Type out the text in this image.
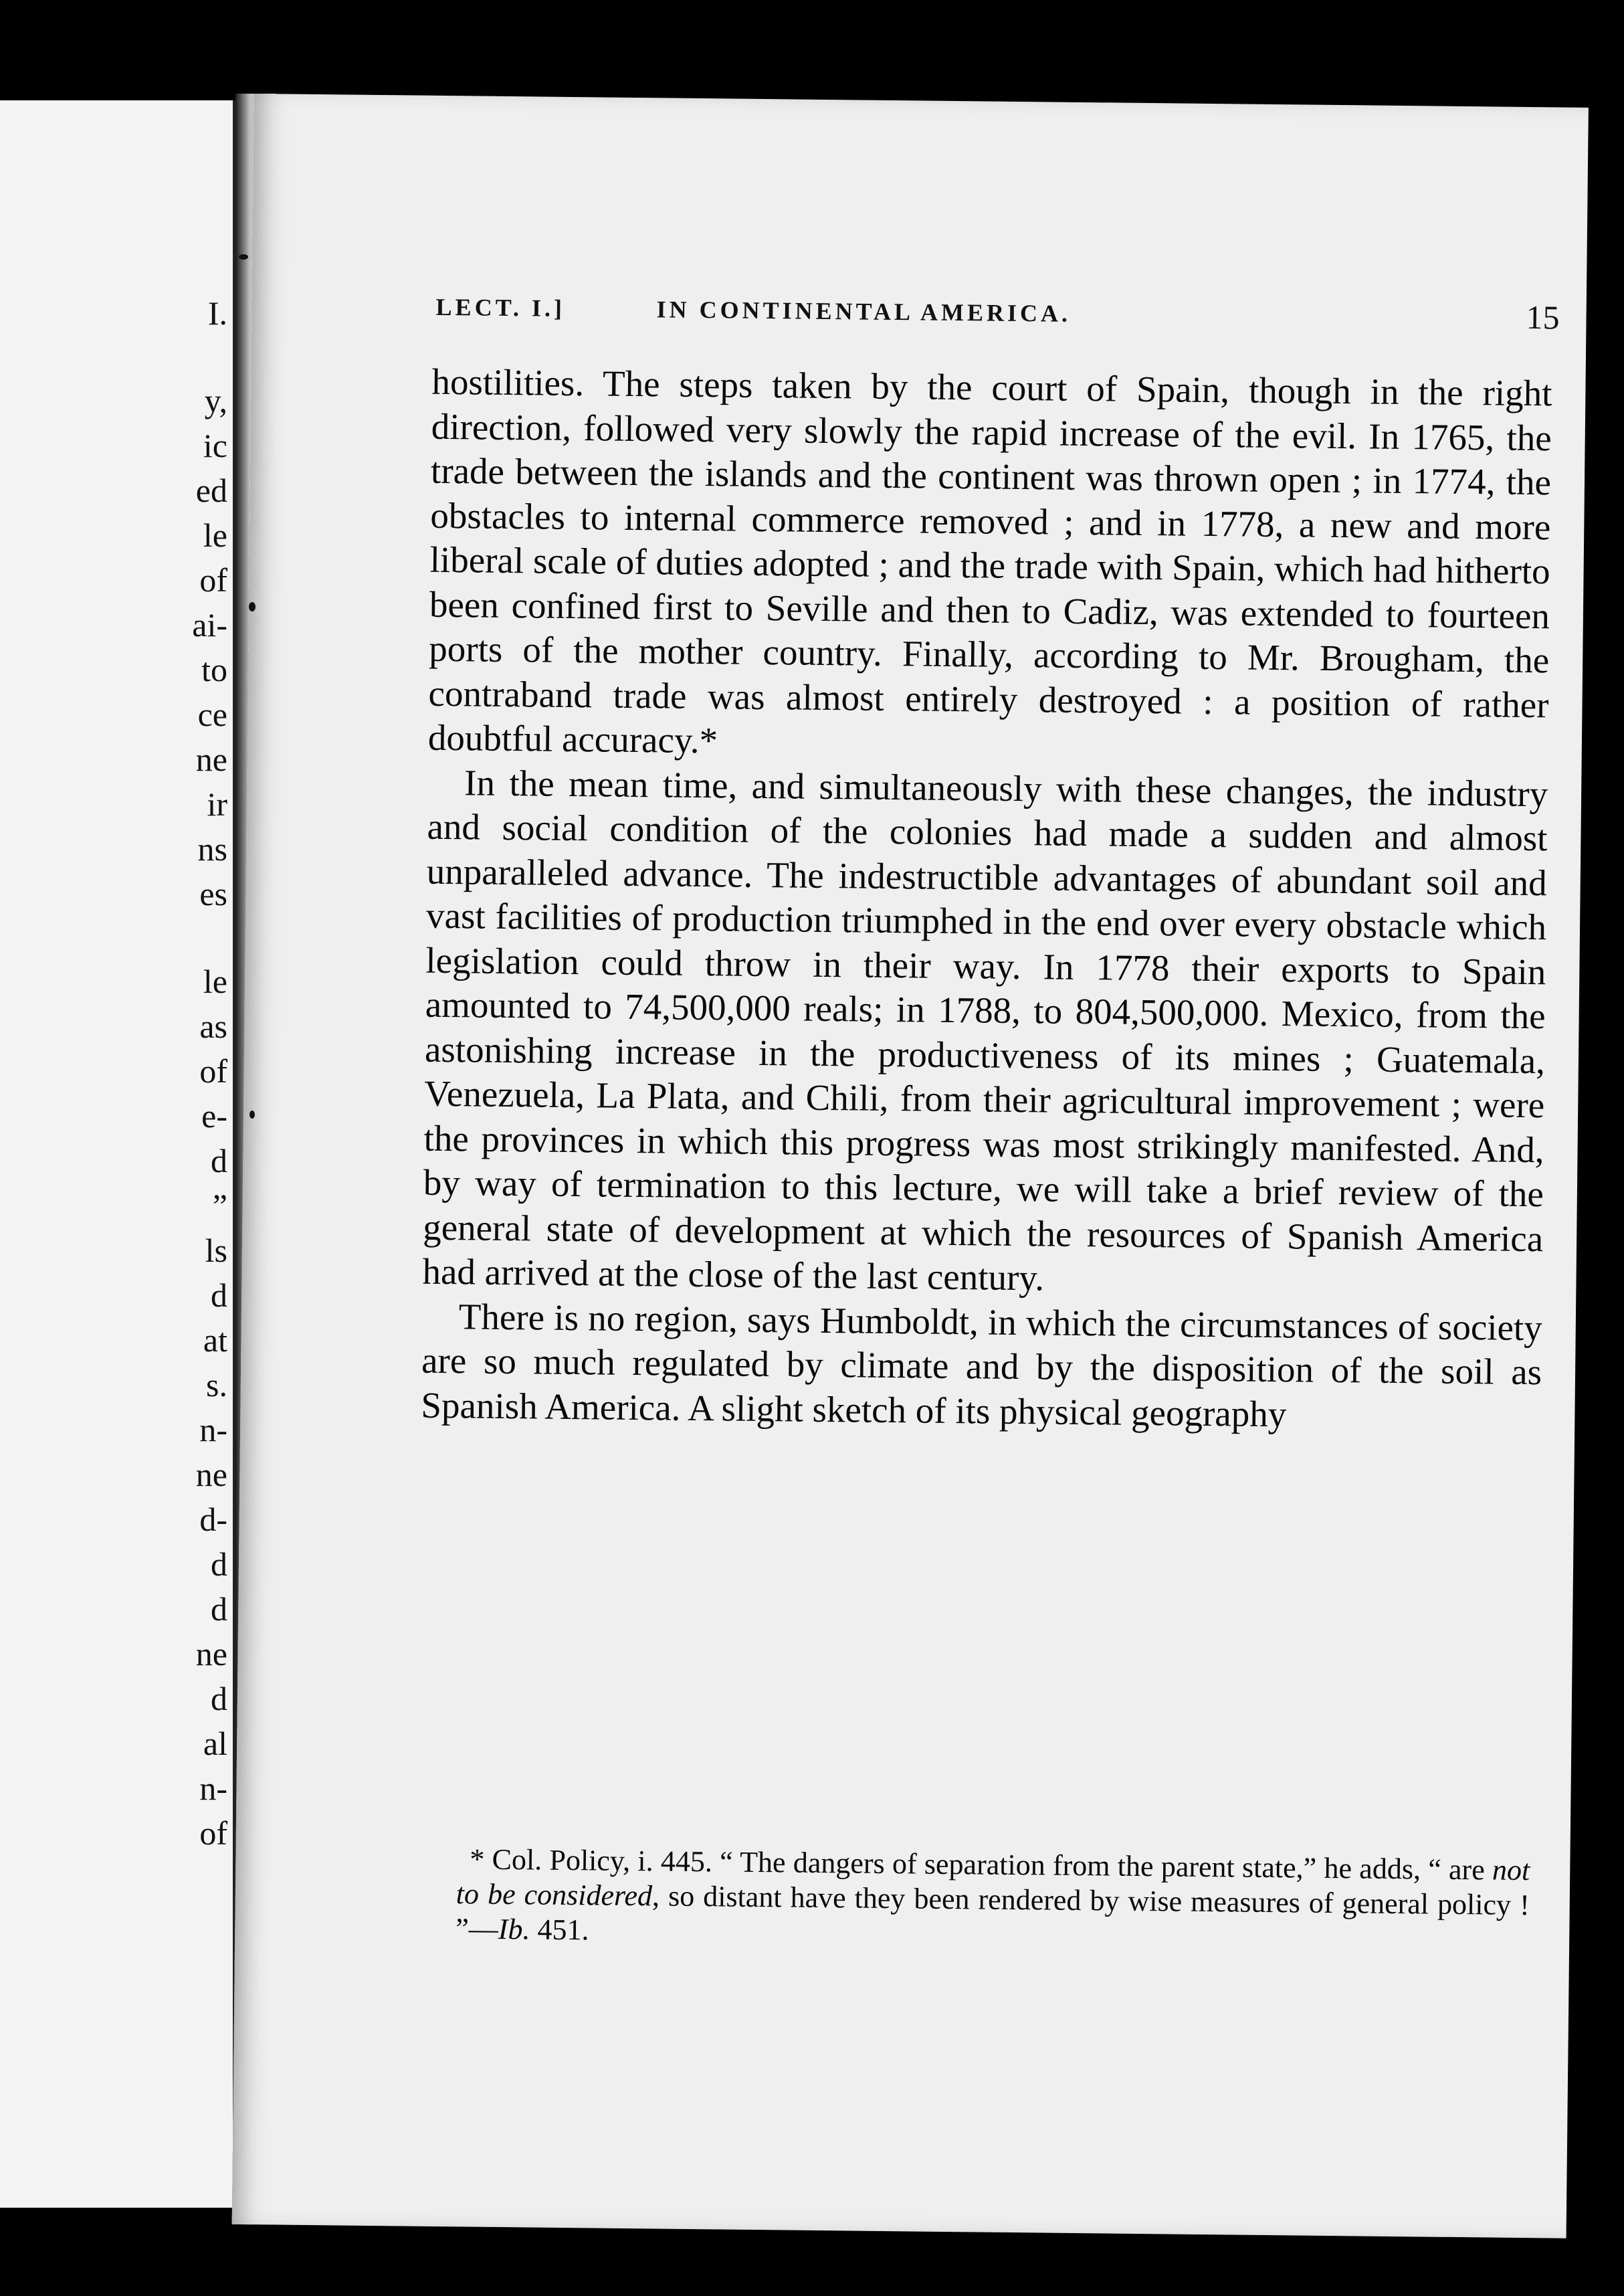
I.
y,
ic
ed
le
of
ai-
to
ce
ne
ir
ns
es
le
as
of
e-
d
”
ls
d
at
s.
n-
ne
d-
d
d
ne
d
al
n-
of
LECT. I.]	IN CONTINENTAL AMERICA.	15

hostilities. The steps taken by the court of Spain, though in the right direction, followed very slowly the rapid increase of the evil. In 1765, the trade between the islands and the continent was thrown open ; in 1774, the obstacles to internal commerce removed ; and in 1778, a new and more liberal scale of duties adopted ; and the trade with Spain, which had hitherto been confined first to Seville and then to Cadiz, was extended to fourteen ports of the mother country. Finally, according to Mr. Brougham, the contraband trade was almost entirely destroyed : a position of rather doubtful accuracy.*

In the mean time, and simultaneously with these changes, the industry and social condition of the colonies had made a sudden and almost unparalleled advance. The indestructible advantages of abundant soil and vast facilities of production triumphed in the end over every obstacle which legislation could throw in their way. In 1778 their exports to Spain amounted to 74,500,000 reals; in 1788, to 804,500,000. Mexico, from the astonishing increase in the productiveness of its mines ; Guatemala, Venezuela, La Plata, and Chili, from their agricultural improvement ; were the provinces in which this progress was most strikingly manifested. And, by way of termination to this lecture, we will take a brief review of the general state of development at which the resources of Spanish America had arrived at the close of the last century.

There is no region, says Humboldt, in which the circumstances of society are so much regulated by climate and by the disposition of the soil as Spanish America. A slight sketch of its physical geography

* Col. Policy, i. 445. “ The dangers of separation from the parent state,” he adds, “ are not to be considered, so distant have they been rendered by wise measures of general policy ! ”—Ib. 451.
